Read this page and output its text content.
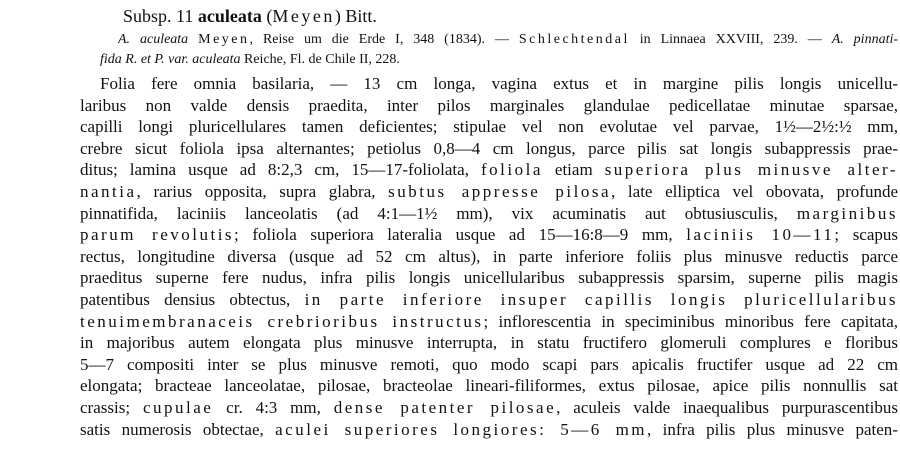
Subsp. 11 aculeata (Meyen) Bitt.
A. aculeata Meyen, Reise um die Erde I, 348 (1834). — Schlechtendal in Linnaea XXVIII, 239. — A. pinnati-
fida R. et P. var. aculeata Reiche, Fl. de Chile II, 228.
Folia fere omnia basilaria, — 13 cm longa, vagina extus et in margine pilis longis unicellu-
laribus non valde densis praedita, inter pilos marginales glandulae pedicellatae minutae sparsae,
capilli longi pluricellulares tamen deficientes; stipulae vel non evolutae vel parvae, 1½—2½:½ mm,
crebre sicut foliola ipsa alternantes; petiolus 0,8—4 cm longus, parce pilis sat longis subappressis prae-
ditus; lamina usque ad 8:2,3 cm, 15—17-foliolata, foliola etiam superiora plus minusve alter-
nantia, rarius opposita, supra glabra, subtus appresse pilosa, late elliptica vel obovata, profunde
pinnatifida, laciniis lanceolatis (ad 4:1—1½ mm), vix acuminatis aut obtusiusculis, marginibus
parum revolutis; foliola superiora lateralia usque ad 15—16:8—9 mm, laciniis 10—11; scapus
rectus, longitudine diversa (usque ad 52 cm altus), in parte inferiore foliis plus minusve reductis parce
praeditus superne fere nudus, infra pilis longis unicellularibus subappressis sparsim, superne pilis magis
patentibus densius obtectus, in parte inferiore insuper capillis longis pluricellularibus
tenuimembranaceis crebrioribus instructus; inflorescentia in speciminibus minoribus fere capitata,
in majoribus autem elongata plus minusve interrupta, in statu fructifero glomeruli complures e floribus
5—7 compositi inter se plus minusve remoti, quo modo scapi pars apicalis fructifer usque ad 22 cm
elongata; bracteae lanceolatae, pilosae, bracteolae lineari-filiformes, extus pilosae, apice pilis nonnullis sat
crassis; cupulae cr. 4:3 mm, dense patenter pilosae, aculeis valde inaequalibus purpurascentibus
satis numerosis obtectae, aculei superiores longiores: 5—6 mm, infra pilis plus minusve paten-
